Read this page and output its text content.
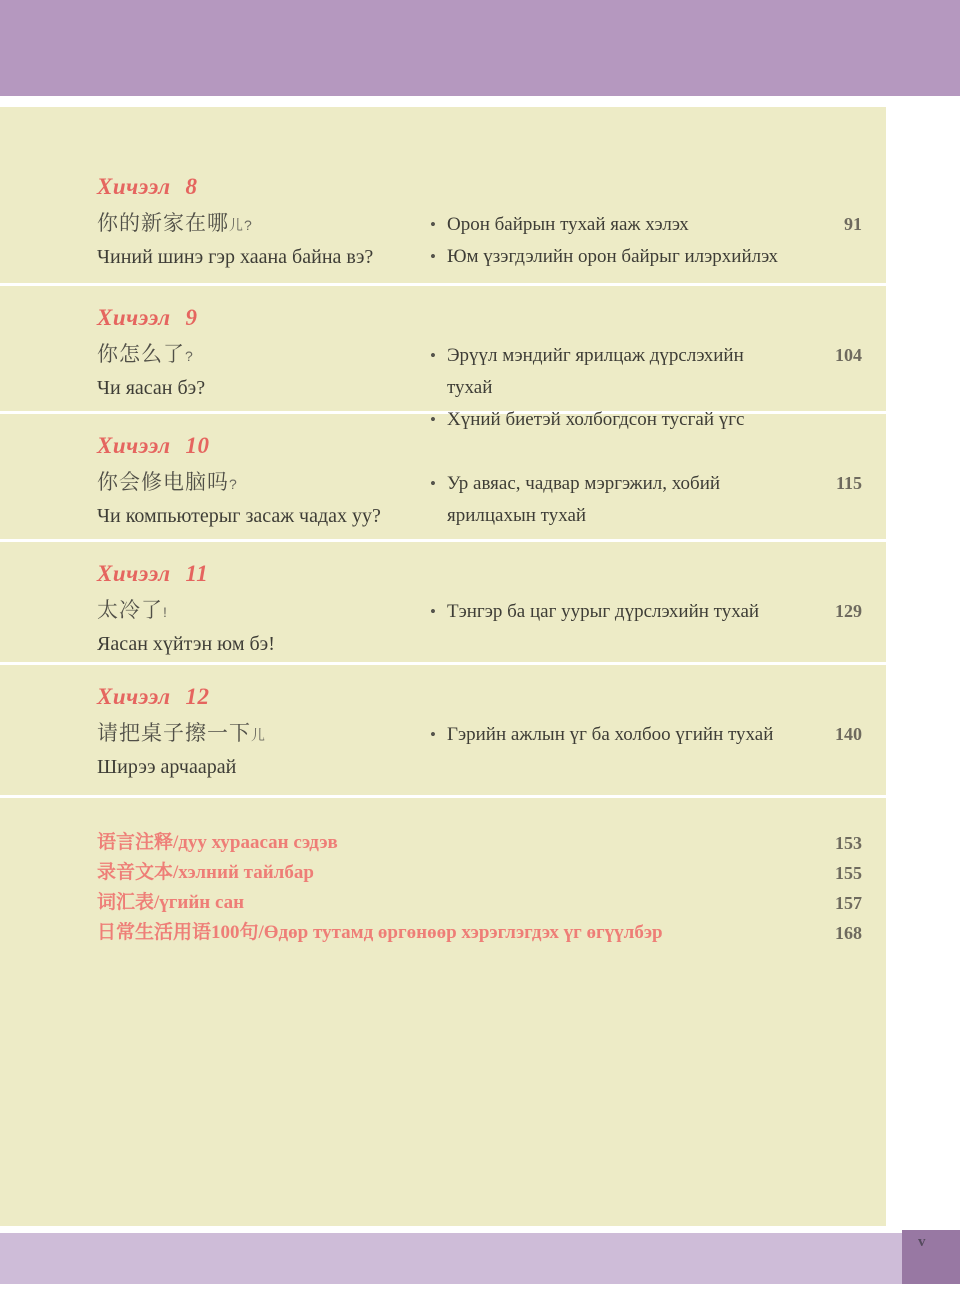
Хичээл 8
你的新家在哪儿?
Чиний шинэ гэр хаана байна вэ?
• Орон байрын тухай яаж хэлэх
• Юм үзэгдэлийн орон байрыг илэрхийлэх
91
Хичээл 9
你怎么了?
Чи яасан бэ?
• Эрүүл мэндийг ярилцаж дүрслэхийн тухай
• Хүний биетэй холбогдсон тусгай үгс
104
Хичээл 10
你会修电脑吗?
Чи компьютерыг засаж чадах уу?
• Ур авяас, чадвар мэргэжил, хобий ярилцахын тухай
115
Хичээл 11
太冷了!
Яасан хүйтэн юм бэ!
• Тэнгэр ба цаг уурыг дүрслэхийн тухай	129
Хичээл 12
请把桌子擦一下儿
Ширээ арчаарай
• Гэрийн ажлын үг ба холбоо үгийн тухай	140
语言注释/дуу хураасан сэдэв	153
录音文本/хэлний тайлбар	155
词汇表/үгийн сан	157
日常生活用语100句/Өдөр тутамд өргөнөөр хэрэглэгдэх үг өгүүлбэр	168
v
